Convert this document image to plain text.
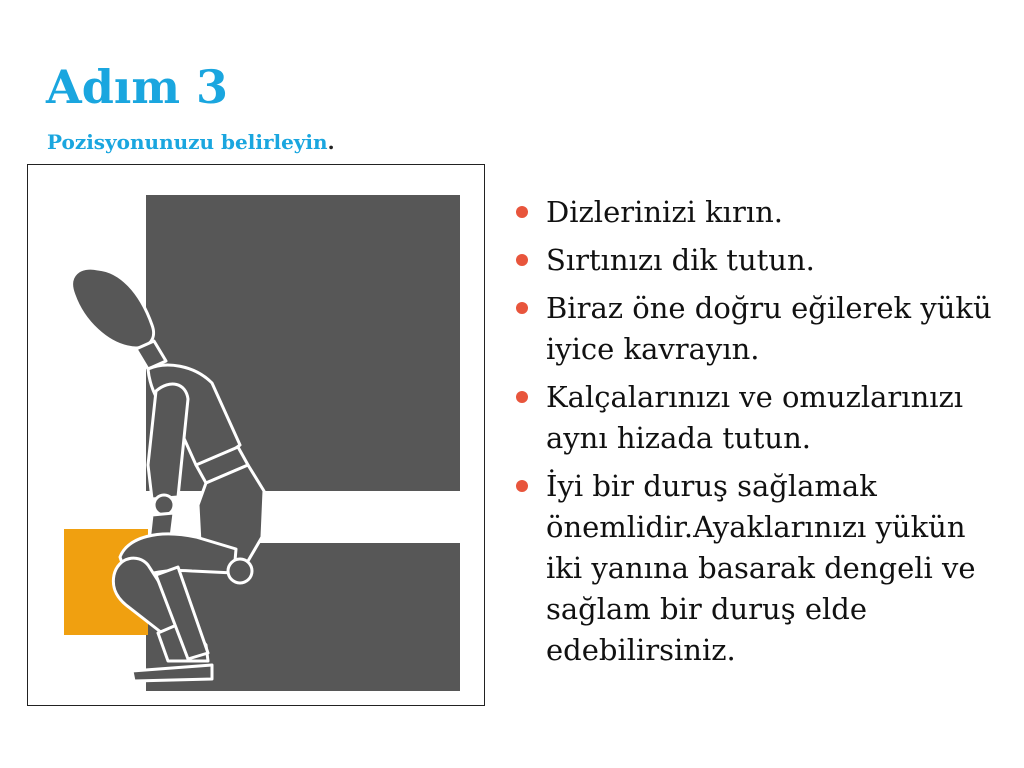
Adım 3
Pozisyonunuzu belirleyin.
Dizlerinizi kırın.
Sırtınızı dik tutun.
Biraz öne doğru eğilerek yükü iyice kavrayın.
Kalçalarınızı ve omuzlarınızı aynı hizada tutun.
İyi bir duruş sağlamak önemlidir.Ayaklarınızı yükün iki yanına basarak dengeli ve sağlam bir duruş elde edebilirsiniz.
